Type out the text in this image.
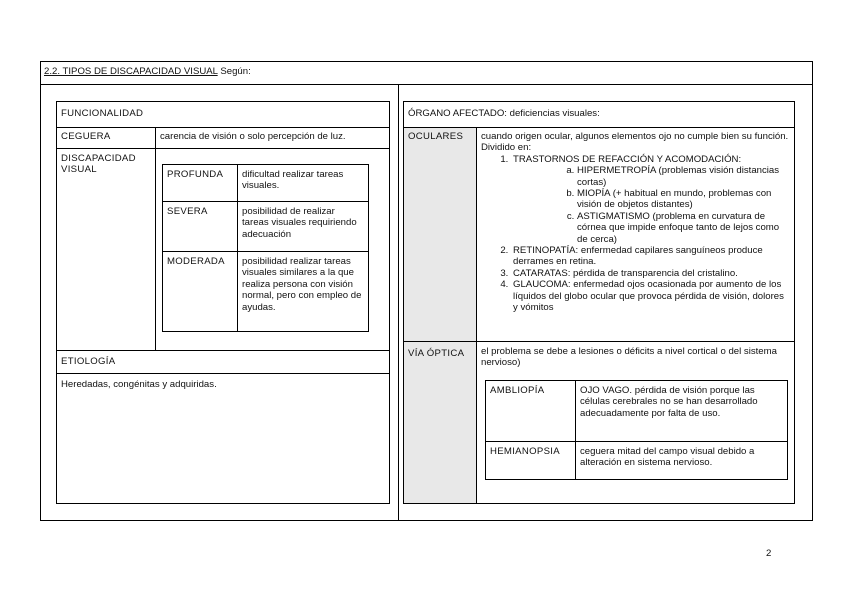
2.2. TIPOS DE DISCAPACIDAD VISUAL Según:
FUNCIONALIDAD
CEGUERA	carencia de visión o solo percepción de luz.
DISCAPACIDAD VISUAL		PROFUNDA	dificultad realizar tareas visuales.
SEVERA	posibilidad de realizar tareas visuales requiriendo adecuación
MODERADA	posibilidad realizar tareas visuales similares a la que realiza persona con visión normal, pero con empleo de ayudas.

ETIOLOGÍA
Heredadas, congénitas y adquiridas.
ÓRGANO AFECTADO: deficiencias visuales:
OCULARES	cuando origen ocular, algunos elementos ojo no cumple bien su función. Dividido en:
1. TRASTORNOS DE REFACCIÓN Y ACOMODACIÓN:
a. HIPERMETROPÍA (problemas visión distancias cortas)
b. MIOPÍA (+ habitual en mundo, problemas con visión de objetos distantes)
c. ASTIGMATISMO (problema en curvatura de córnea que impide enfoque tanto de lejos como de cerca)
2. RETINOPATÍA: enfermedad capilares sanguíneos produce derrames en retina.
3. CATARATAS: pérdida de transparencia del cristalino.
4. GLAUCOMA: enfermedad ojos ocasionada por aumento de los líquidos del globo ocular que provoca pérdida de visión, dolores y vómitos

VÍA ÓPTICA	el problema se debe a lesiones o déficits a nivel cortical o del sistema nervioso)
AMBLIOPÍA	OJO VAGO. pérdida de visión porque las células cerebrales no se han desarrollado adecuadamente por falta de uso.
HEMIANOPSIA	ceguera mitad del campo visual debido a alteración en sistema nervioso.
2
